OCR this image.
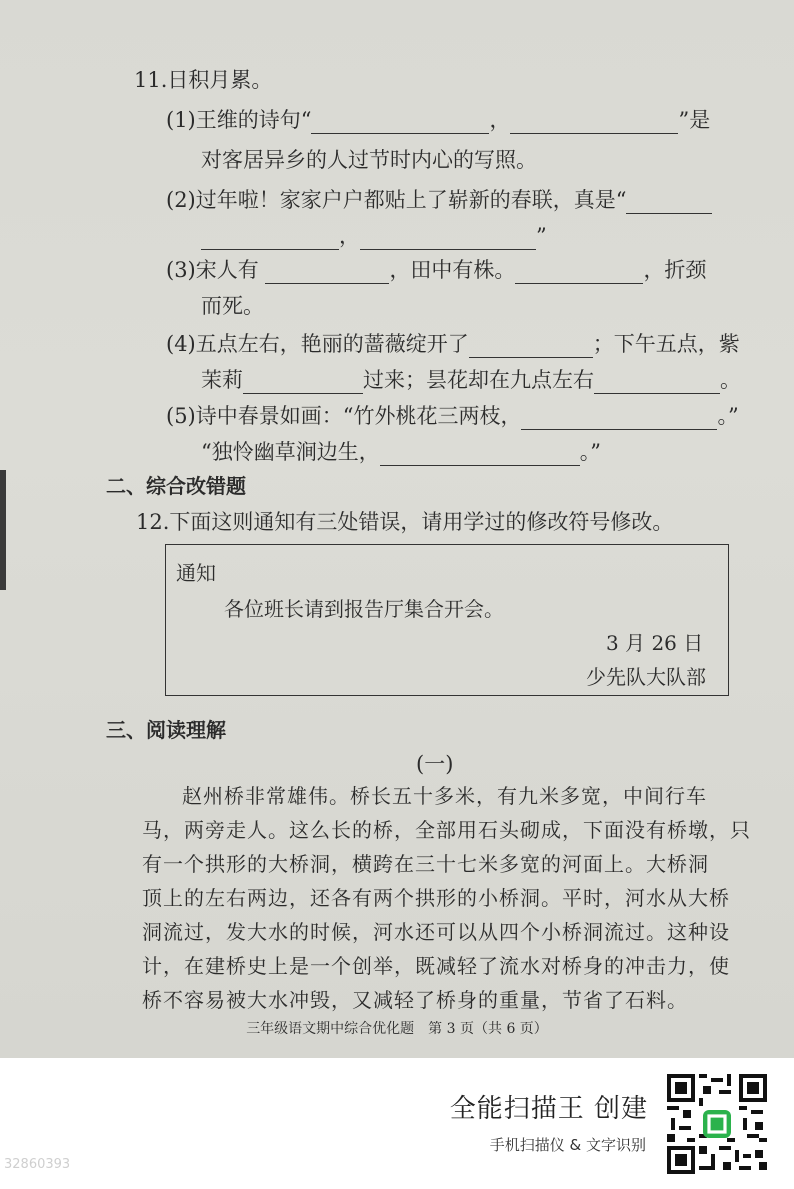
11.日积月累。
(1)王维的诗句“	，	”是
对客居异乡的人过节时内心的写照。
(2)过年啦！家家户户都贴上了崭新的春联，真是“
，	”
(3)宋人有	，田中有株。	，折颈
而死。
(4)五点左右，艳丽的蔷薇绽开了	；下午五点，紫
茉莉	过来；昙花却在九点左右	。
(5)诗中春景如画：“竹外桃花三两枝，	。”
“独怜幽草涧边生，	。”
二、综合改错题
12.下面这则通知有三处错误，请用学过的修改符号修改。
通知
各位班长请到报告厅集合开会。
3 月 26 日
少先队大队部
三、阅读理解
(一)
赵州桥非常雄伟。桥长五十多米，有九米多宽，中间行车
马，两旁走人。这么长的桥，全部用石头砌成，下面没有桥墩，只
有一个拱形的大桥洞，横跨在三十七米多宽的河面上。大桥洞
顶上的左右两边，还各有两个拱形的小桥洞。平时，河水从大桥
洞流过，发大水的时候，河水还可以从四个小桥洞流过。这种设
计，在建桥史上是一个创举，既减轻了流水对桥身的冲击力，使
桥不容易被大水冲毁，又减轻了桥身的重量，节省了石料。
三年级语文期中综合优化题　第 3 页（共 6 页）
全能扫描王 创建
手机扫描仪 & 文字识别
32860393
